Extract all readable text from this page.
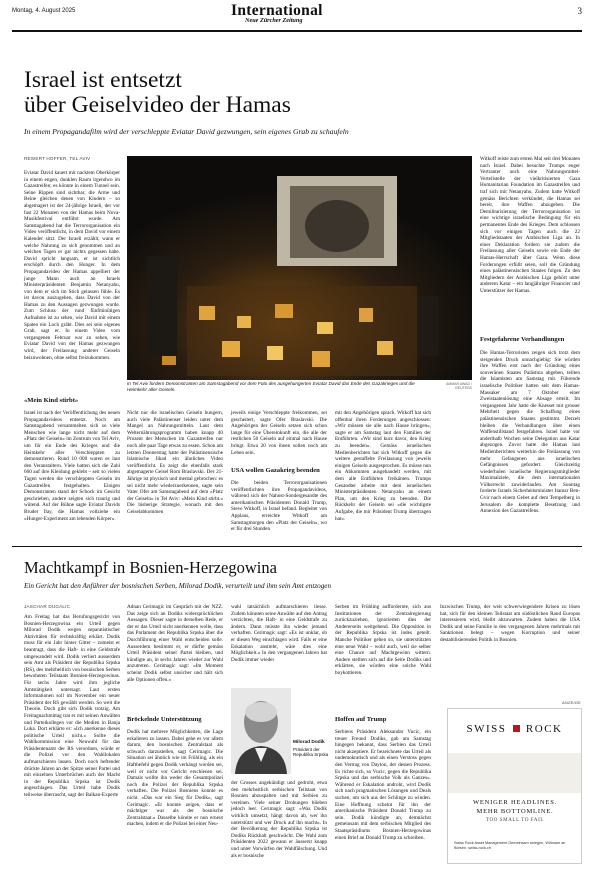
Montag, 4. August 2025	International
Neue Zürcher Zeitung
3
Israel ist entsetzt
über Geiselvideo der Hamas

In einem Propagandafilm wird der verschleppte Eviatar David gezwungen, sein eigenes Grab zu schaufeln

REWERT HOFFER, TEL AVIV

In Tel Aviv fordern Demonstranten am Samstagabend vor dem Foto des ausgehungerten Eviatar David das Ende des Gazakrieges und die Heimkehr aller Geiseln.

AMMAR AWAD / REUTERS

Eviatar David kauert mit nacktem Oberkörper in einem engen, dunklen Raum irgendwo im Gazastreifen; es könnte in einem Tunnel sein. Seine Rippen sind sichtbar, die Arme und Beine gleichen denen von Kindern – so abgemagert ist der 24-jährige Israeli, der vor fast 22 Monaten von der Hamas beim Nova-Musikfestival entführt wurde. Am Samstagabend hat die Terrororganisation ein Video veröffentlicht, in dem David vor einem Kalender sitzt. Der Israeli erzählt, wann er welche Nahrung zu sich genommen und an welchen Tagen er gar nichts gegessen habe. David spricht langsam, er ist sichtlich erschöpft durch den Hunger. In dem Propagandavideo der Hamas appelliert der junge Mann auch an Israels Ministerpräsidenten Benjamin Netanyahu, von dem er sich im Stich gelassen fühle. Es ist davon auszugehen, dass David von der Hamas zu den Aussagen gezwungen wurde. Zum Schluss der rund fünfminütigen Aufnahme ist zu sehen, wie David mit einem Spaten ein Loch gräbt. Dies sei sein eigenes Grab, sagt er. In einem Video vom vergangenen Februar war zu sehen, wie Eviatar David von der Hamas gezwungen wird, der Freilassung anderer Geiseln beizuwohnen, ohne selbst freizukommen.

«Mein Kind stirbt»

Israel ist nach der Veröffentlichung des neuen Propagandavideos entsetzt. Noch am Samstagabend versammelten sich so viele Menschen wie lange nicht mehr auf dem «Platz der Geiseln» im Zentrum von Tel Aviv, um für ein Ende des Krieges und die Heimkehr aller Verschleppten zu demonstrieren. Rund 10 000 waren es laut den Veranstaltern. Viele hatten sich die Zahl 660 auf ihre Kleidung geklebt – seit so vielen Tagen werden die verschleppten Geiseln im Gazastreifen festgehalten. Einigen Demonstranten stand der Schock im Gesicht geschrieben, andere zeigten sich traurig und wütend. Auf der Bühne sagte Eviatar Davids Bruder Ilay, die Hamas vollziehe ein «Hunger-Experiment am lebenden Körper».

Nicht nur die israelischen Geiseln hungern, auch viele Palästinenser leiden unter dem Mangel an Nahrungsmitteln. Laut dem Welternährungsprogramm haben knapp 40 Prozent der Menschen im Gazastreifen nur noch alle paar Tage etwas zu essen. Schon am letzten Donnerstag hatte der Palästinensische Islamische Jihad ein ähnliches Video veröffentlicht. Es zeigt die ebenfalls stark abgemagerte Geisel Rom Braslavski. Der 21-Jährige ist physisch und mental gebrochen: es sei nicht mehr wiederzuerkennen, sagte sein Vater Ofer am Samstagabend auf dem «Platz der Geiseln» in Tel Aviv: «Mein Kind stirbt.» Die bisherige Strategie, wonach mit den Geiselabkommen

jeweils einige Verschleppte freikommen, sei gescheitert, sagte Ofer Braslavski. Die Angehörigen der Geiseln setzen sich schon lange für eine Übereinkunft ein, die alle der restlichen 50 Geiseln auf einmal nach Hause bringt. Etwa 20 von ihnen sollen noch am Leben sein.

USA wollen Gazakrieg beenden

Die beiden Terrororganisationen veröffentlichten ihre Propagandavideos, während sich der Nahost-Sondergesandte des amerikanischen Präsidenten Donald Trump, Steve Witkoff, in Israel befand. Begleitet von Applaus, erreichte Witkoff am Samstagmorgen den «Platz der Geiseln», wo er für drei Stunden

mit den Angehörigen sprach. Witkoff hat sich offenbar ihren Forderungen angeschlossen: «Wir müssen sie alle nach Hause bringen», sagte er am Samstag laut den Familien der Entführten. «Wir sind kurz davor, den Krieg zu beenden». Gemäss israelischen Medienberichten hat sich Witkoff gegen die weitere gestaffelte Freilassung von jeweils einigen Geiseln ausgesprochen. Es müsse nun ein Abkommen ausgehandelt werden, mit dem alle Entführten freikämen. Trumps Gesandter arbeite mit dem israelischen Ministerpräsidenten Netanyahu an einem Plan, um den Krieg zu beenden. Die Rückkehr der Geiseln sei «die wichtigste Aufgabe, die mir Präsident Trump übertragen hat».

Witkoff reiste zum ersten Mal seit drei Monaten nach Israel. Dabei besuchte Trumps enger Vertrauter auch eine Nahrungsmittel-Verteilstelle der vielkritisierten Gaza Humanitarian Foundation im Gazastreifen und traf sich mit Netanyahu. Zudem hatte Witkoff gemäss Berichten verkündet, die Hamas sei bereit, ihre Waffen abzugeben. Die Demilitarisierung der Terrororganisation ist eine wichtige israelische Bedingung für ein permanentes Ende des Krieges. Dem schlossen sich vor einigen Tagen auch die 22 Mitgliedstaaten der Arabischen Liga an. In einer Deklaration fordern sie zudem die Freilassung aller Geiseln sowie ein Ende der Hamas-Herrschaft über Gaza. Wenn diese Forderungen erfüllt seien, soll die Gründung eines palästinensischen Staates folgen. Zu den Mitgliedern der Arabischen Liga gehört unter anderem Katar – ein langjähriger Financier und Unterstützer der Hamas.

Festgefahrene Verhandlungen

Die Hamas-Terroristen zeigen sich trotz dem steigenden Druck unnachgiebig: Sie würden ihre Waffen erst nach der Gründung eines souveränen Staates Palästina abgeben, teilten die Islamisten am Samstag mit. Führende israelische Politiker hatten seit dem Hamas-Massaker am 7 Oktober einer Zweistaatenlösung eine Absage erteilt. Im vergangenen Jahr hatte die Knesset mit grosser Mehrheit gegen die Schaffung eines palästinensischen Staates gestimmt. Derzeit bleiben die Verhandlungen über einen Waffenstillstand festgefahren. Israel hatte vor anderthalb Wochen seine Delegation aus Katar abgezogen. Zuvor hatte die Hamas laut Medienberichten weiterhin die Freilassung von mehr Gefangenen aus israelischen Gefängnissen gefordert. Gleichzeitig wiederholen israelische Regierungsmitglieder Maximalziele, die dem internationalen Völkerrecht zuwiderlaufen. Am Sonntag forderte Israels Sicherheitsminister Itamar Ben-Gvir nach einem Gebet auf dem Tempelberg in Jerusalem die komplette Besetzung und Annexion des Gazastreifens.

Machtkampf in Bosnien-Herzegowina

Ein Gericht hat den Anführer der bosnischen Serben, Milorad Dodik, verurteilt und ihm sein Amt entzogen

JASCHAR DUGALIC

Am Freitag hat das Berufungsgericht von Bosnien-Herzegowina ein Urteil gegen Milorad Dodik wegen separatistischer Aktivitäten für rechtskräftig erklärt. Dodik muss für ein Jahr hinter Gitter – zumeist er beantragt, dass die Haft- in eine Geldstrafe umgewandelt wird. Dodik verliert ausserdem sein Amt als Präsident der Republika Srpska (RS), des mehrheitlich von bosnischen Serben bewohnten Teilstaats Bosnien-Herzegowinas. Für sechs Jahre wird ihm jegliche Amtstätigkeit untersagt. Laut ersten Informationen soll im November ein neuer Präsident der RS gewählt werden. So weit die Theorie. Doch gibt sich Dodik trotzig. Am Freitagnachmittag trat er mit seinen Anwälten und Parteikollegen vor die Medien in Banja Luka. Dort erklärte er: «Ich anerkenne dieses politische Urteil nicht.» Sollte die Wahlkommission eine Neuwahl für das Präsidentenamt der RS verordnen, würde er die Polizei vor den Wahllokalen aufmarschieren lassen. Doch noch heftender drückte Jahren an der Spitze seiner Partei und mit einzelnen Unterbrüchen auch der Macht in der Republika Srpska ist Dodik angeschlagen. Das Urteil habe Dodik teilweise überrascht, sagt der Balkan-Experte

Adnan Cerimagic im Gespräch mit der NZZ. Das zeige sich an Dodiks widersprüchlichen Aussagen. Dieser sagte in derselben Rede, er der er das Urteil nicht anerkennen wolle, dass das Parlament der Republika Srpska über die Durchführung einer Wahl entscheiden solle. Ausserdem bestimmt er, er dürfte gemäss Urteil Präsident seiner Partei bleiben, und kündigte an, in sechs Jahren wieder zur Wahl anzutreten. Cerimagic sagt: «Im Moment scheint Dodik selbst unsicher und hält sich alle Optionen offen.»

Bröckelnde Unterstützung

Dodik hat mehrere Möglichkeiten, die Lage eskalieren zu lassen. Dabei gehe es vor allem darum, den bosnischen Zentralstaat als schwach darzustellen, sagt Cerimagic. Die Situation sei ähnlich wie im Frühling, als ein Haftbefehl gegen Dodik verhängt worden sei, weil er nicht vor Gericht erschienen sei. Damals wollte ihn weder die Gesamtpolizei noch die Polizei der Republika Srpska verhaften. Die Polizei Bosniens konnte es nicht. «Das war ein Sieg für Dodik», sagt Cerimagic. «Er konnte zeigen, dass er mächtiger war als der bosnische Zentralstaat.» Dasselbe könnte er nun erneut machen, indem er die Polizei bei einer Neu-

wahl tatsächlich aufmarschieren liesse. Zudem könnten seine Anwälte auf den Antrag verzichten, die Haft- in eine Geldstrafe zu ändern. Dann müsste ihn wieder jemand verhaften. Cerimagic sagt: «Es ist unklar, ob er diesen Weg einschlagen wird. Falls er eine Eskalation anstrebt, wäre dies eine Möglichkeit.» In den vergangenen Jahren hat Dodik immer wieder

Milorad Dodik
Präsident der Republika Srpska

der Grosses angekündigt und gedroht, etwa den mehrheitlich serbischen Teilstaat von Bosnien abzuspalten und mit Serbien zu vereinen. Viele seiner Drohungen blieben jedoch leer. Cerimagic sagt: «Was Dodik wirklich umsetzt, hängt davon ab, wer ihn unterstützt und wer Druck auf ihn macht». In der Bevölkerung der Republika Srpska ist Dodiks Rückhalt geschwächt. Die Wahl zum Präsidenten 2022 gewann er äusserst knapp und unter Vorwürfen der Wahlfälschung. Und als er bosnische

Serben im Frühling auffordernte, sich aus Institutionen der Zentralregierung zurückzuziehen, ignorierten dies der Andererseits weitgehend. Die Opposition in der Republika Srpska ist indes geteilt. Manche Politiker gehen so, sie unterstützten eine neue Wahl – wohl auch, weil sie selber eine Chance auf Machtgewinn wittern. Andere stellten sich auf die Seite Dodiks und erklärten, sie würden eine solche Wahl boykottieren.

Hoffen auf Trump

Serbiens Präsident Aleksandar Vucic, ein treuer Freund Dodiks, gab am Samstag hingegen bekannt, dass Serbien das Urteil nicht akzeptiere. Er bezeichnete das Urteil als undemokratisch und als einen Verstoss gegen den Vertrag von Dayton, der dessen Prozess. Es richte sich, so Vucic, gegen die Republika Srpska und das serbische Volk als Ganzes». Während er Eskalation androht, wird Dodik sich nach pragmatischen Lösungen und Deals suchen, um sich aus der Schlinge zu winden. Eine Hoffnung scheint für ihn der amerikanische Präsident Donald Trump zu sein. Dodik kündigte an, demnächst gemeinsam mit dem serbischen Mitglied des Staatspräsidiums Bosnien-Herzegowinas einen Brief an Donald Trump zu schreiben.

Inzwischen Trump, der weit schwerwiegendere Krisen zu lösen hat, sich für den kleinen Teilstaat am südöstlichen Rand Europas interessieren wird, bleibt abzuwarten. Zudem haben die USA Dodik und seine Familie in den vergangenen Jahren mehrmals mit Sanktionen belegt – wegen Korruption und seiner destabilisierenden Politik in Bosnien.

ANZEIGE
SWISS ROCK
WENIGER HEADLINES.
MEHR BOTTOMLINE.
TOO SMALL TO FAIL
Swiss Rock Asset Management Gemeinsam anlegen, Wirksam an Börsen. swiss-rock.ch
